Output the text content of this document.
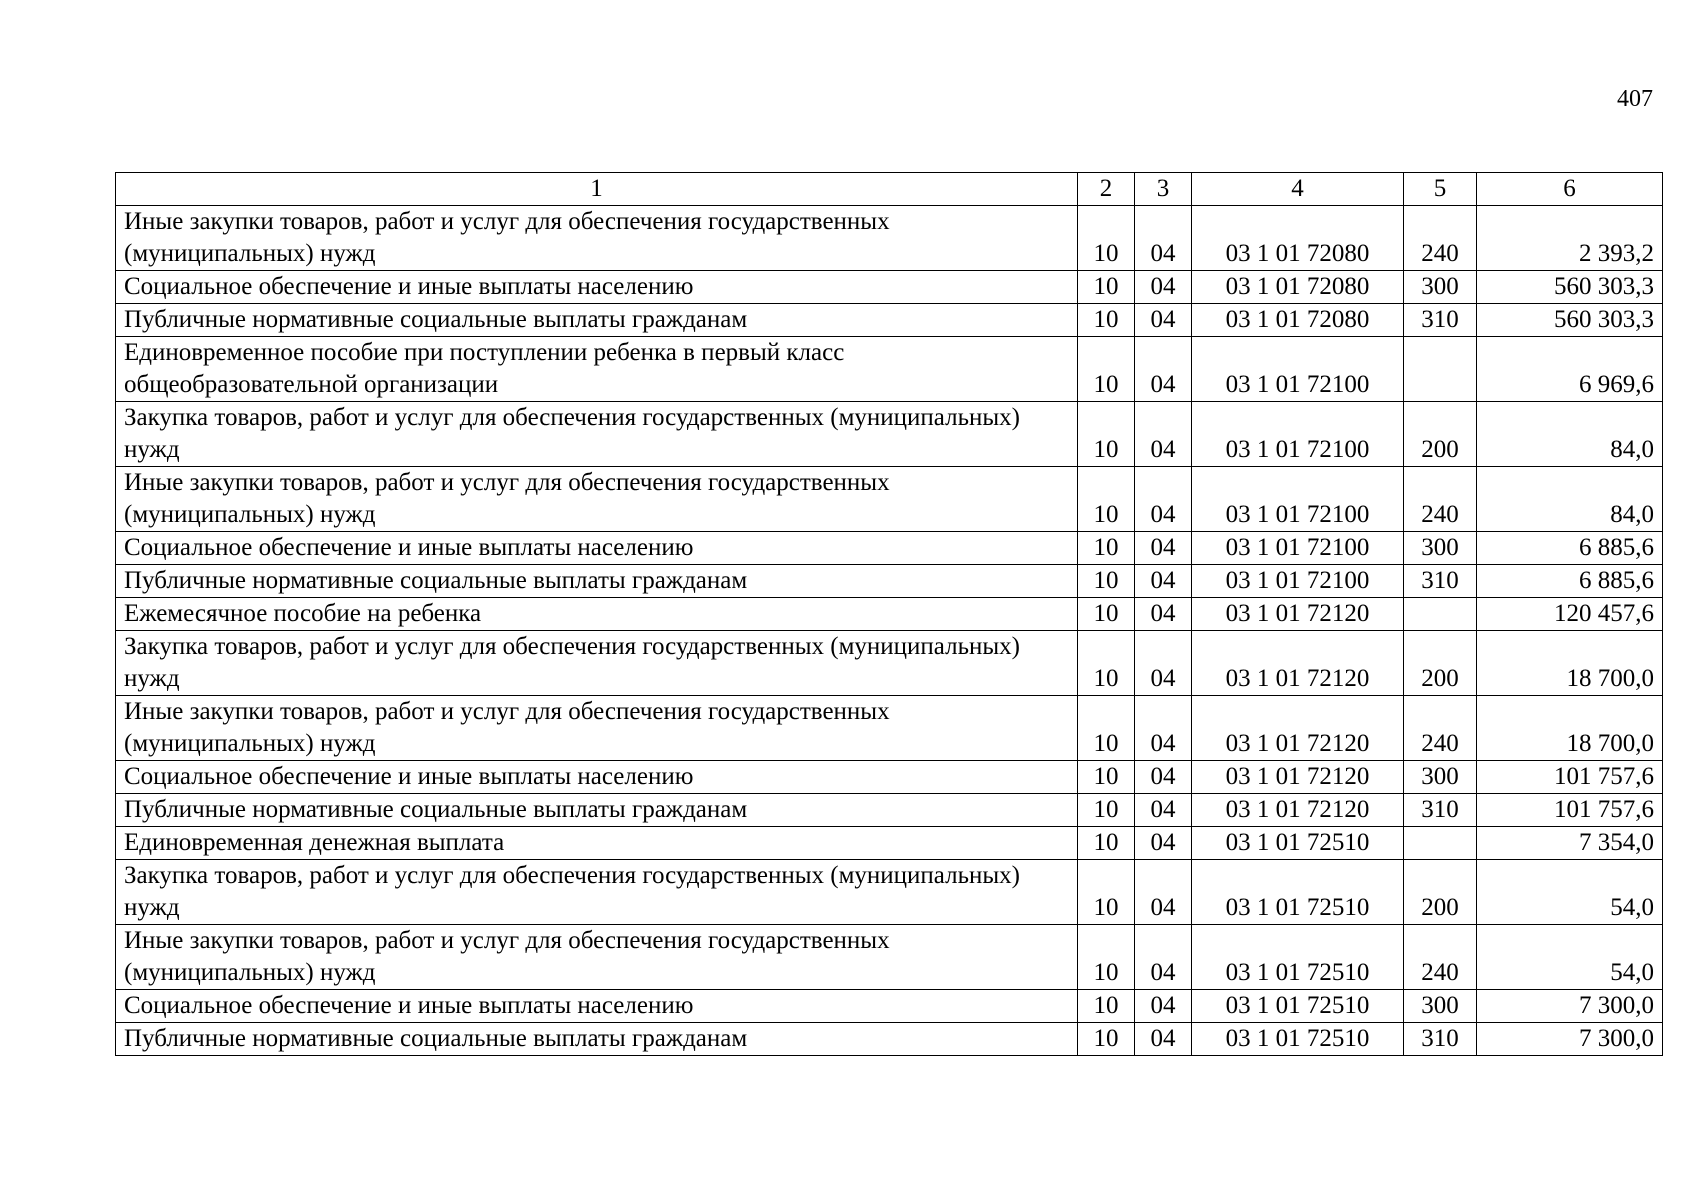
407
1	2	3	4	5	6
Иные закупки товаров, работ и услуг для обеспечения государственных (муниципальных) нужд	10	04	03 1 01 72080	240	2 393,2
Социальное обеспечение и иные выплаты населению	10	04	03 1 01 72080	300	560 303,3
Публичные нормативные социальные выплаты гражданам	10	04	03 1 01 72080	310	560 303,3
Единовременное пособие при поступлении ребенка в первый класс общеобразовательной организации	10	04	03 1 01 72100		6 969,6
Закупка товаров, работ и услуг для обеспечения государственных (муниципальных) нужд	10	04	03 1 01 72100	200	84,0
Иные закупки товаров, работ и услуг для обеспечения государственных (муниципальных) нужд	10	04	03 1 01 72100	240	84,0
Социальное обеспечение и иные выплаты населению	10	04	03 1 01 72100	300	6 885,6
Публичные нормативные социальные выплаты гражданам	10	04	03 1 01 72100	310	6 885,6
Ежемесячное пособие на ребенка	10	04	03 1 01 72120		120 457,6
Закупка товаров, работ и услуг для обеспечения государственных (муниципальных) нужд	10	04	03 1 01 72120	200	18 700,0
Иные закупки товаров, работ и услуг для обеспечения государственных (муниципальных) нужд	10	04	03 1 01 72120	240	18 700,0
Социальное обеспечение и иные выплаты населению	10	04	03 1 01 72120	300	101 757,6
Публичные нормативные социальные выплаты гражданам	10	04	03 1 01 72120	310	101 757,6
Единовременная денежная выплата	10	04	03 1 01 72510		7 354,0
Закупка товаров, работ и услуг для обеспечения государственных (муниципальных) нужд	10	04	03 1 01 72510	200	54,0
Иные закупки товаров, работ и услуг для обеспечения государственных (муниципальных) нужд	10	04	03 1 01 72510	240	54,0
Социальное обеспечение и иные выплаты населению	10	04	03 1 01 72510	300	7 300,0
Публичные нормативные социальные выплаты гражданам	10	04	03 1 01 72510	310	7 300,0
